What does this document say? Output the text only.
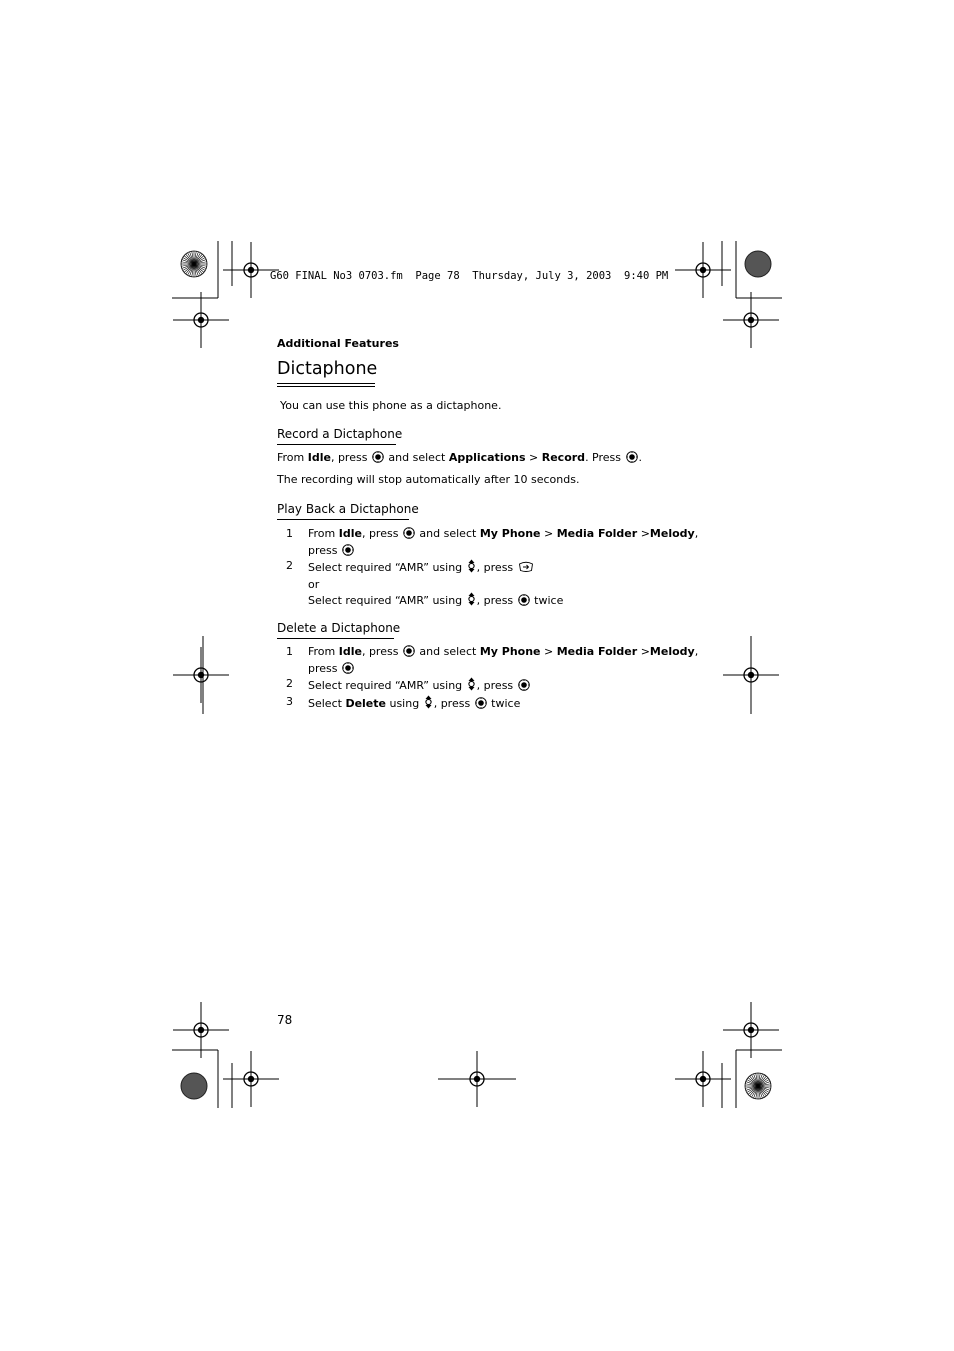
G60 FINAL No3 0703.fm  Page 78  Thursday, July 3, 2003  9:40 PM
Additional Features
Dictaphone
You can use this phone as a dictaphone.
Record a Dictaphone
From Idle, press  and select Applications > Record. Press .
The recording will stop automatically after 10 seconds.
Play Back a Dictaphone
1	From Idle, press  and select My Phone > Media Folder >Melody,
press
2	Select required “AMR” using , press
or
Select required “AMR” using , press  twice
Delete a Dictaphone
1	From Idle, press  and select My Phone > Media Folder >Melody,
press
2	Select required “AMR” using , press
3	Select Delete using , press  twice
78
